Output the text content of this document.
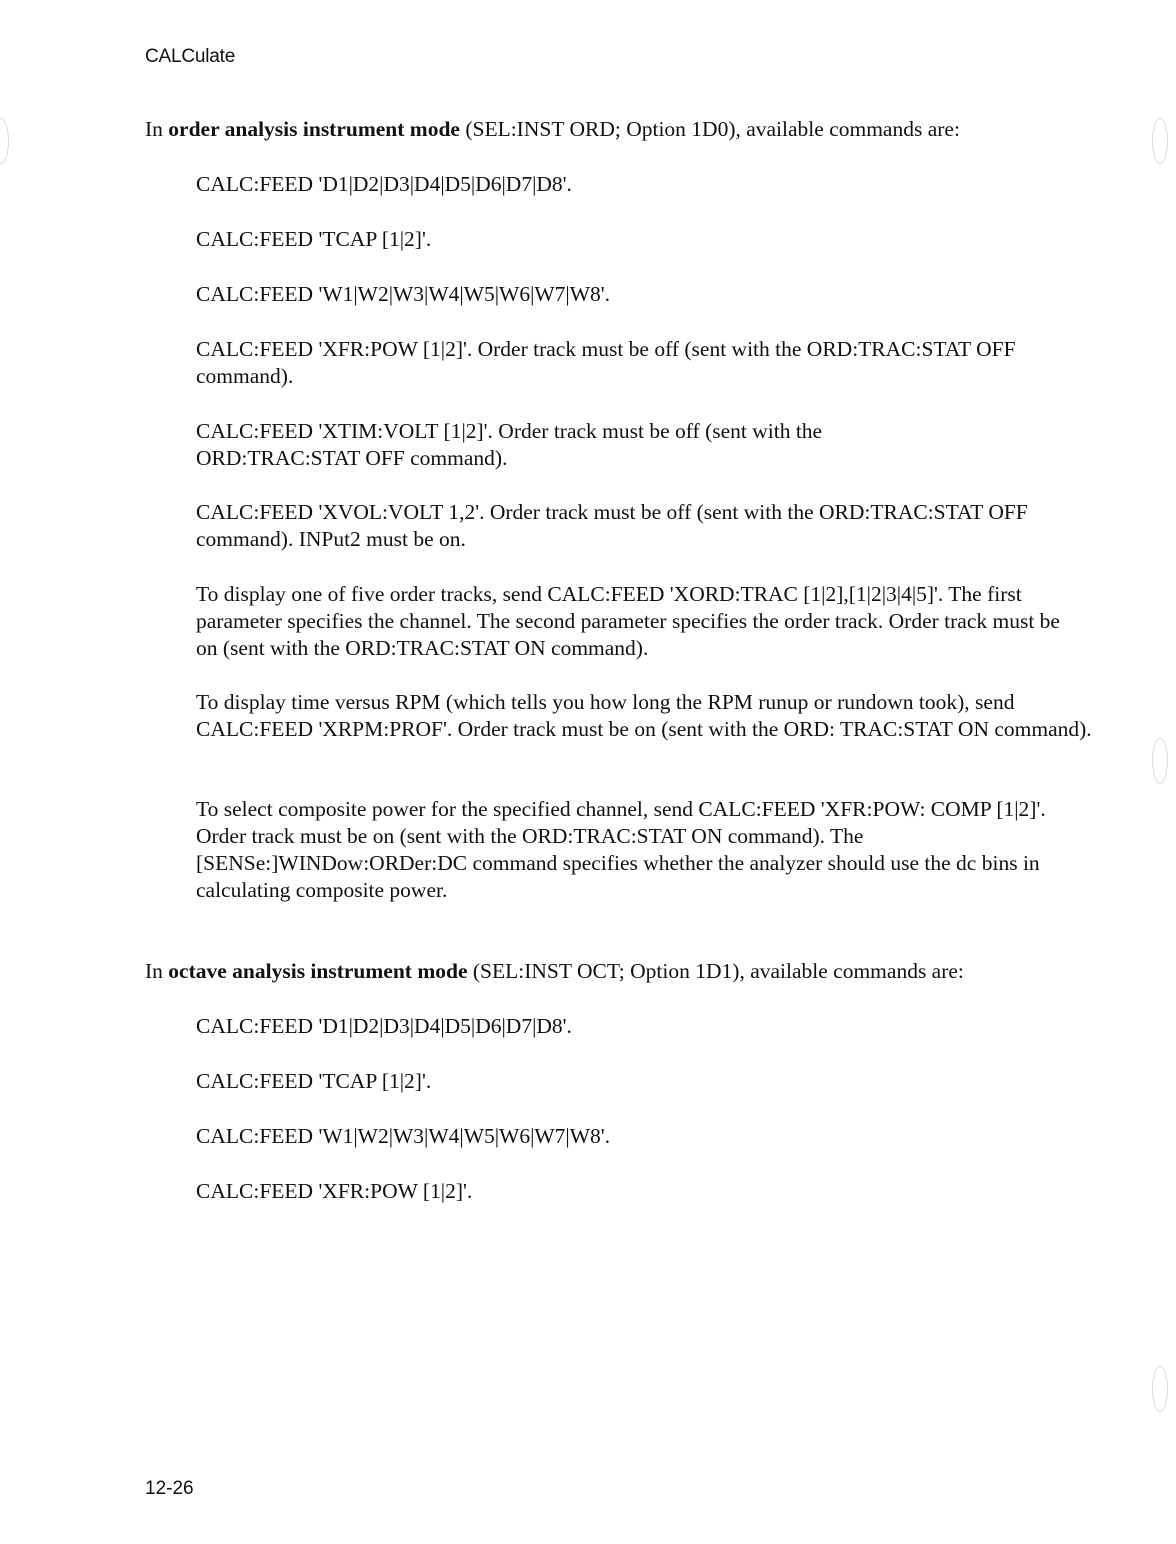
CALCulate
In order analysis instrument mode (SEL:INST ORD; Option 1D0), available commands are:
CALC:FEED 'D1|D2|D3|D4|D5|D6|D7|D8'.
CALC:FEED 'TCAP [1|2]'.
CALC:FEED 'W1|W2|W3|W4|W5|W6|W7|W8'.
CALC:FEED 'XFR:POW [1|2]'. Order track must be off (sent with the ORD:TRAC:STAT OFF command).
CALC:FEED 'XTIM:VOLT [1|2]'. Order track must be off (sent with the ORD:TRAC:STAT OFF command).
CALC:FEED 'XVOL:VOLT 1,2'. Order track must be off (sent with the ORD:TRAC:STAT OFF command). INPut2 must be on.
To display one of five order tracks, send CALC:FEED 'XORD:TRAC [1|2],[1|2|3|4|5]'. The first parameter specifies the channel. The second parameter specifies the order track. Order track must be on (sent with the ORD:TRAC:STAT ON command).
To display time versus RPM (which tells you how long the RPM runup or rundown took), send CALC:FEED 'XRPM:PROF'. Order track must be on (sent with the ORD: TRAC:STAT ON command).
To select composite power for the specified channel, send CALC:FEED 'XFR:POW: COMP [1|2]'. Order track must be on (sent with the ORD:TRAC:STAT ON command). The [SENSe:]WINDow:ORDer:DC command specifies whether the analyzer should use the dc bins in calculating composite power.
In octave analysis instrument mode (SEL:INST OCT; Option 1D1), available commands are:
CALC:FEED 'D1|D2|D3|D4|D5|D6|D7|D8'.
CALC:FEED 'TCAP [1|2]'.
CALC:FEED 'W1|W2|W3|W4|W5|W6|W7|W8'.
CALC:FEED 'XFR:POW [1|2]'.
12-26
